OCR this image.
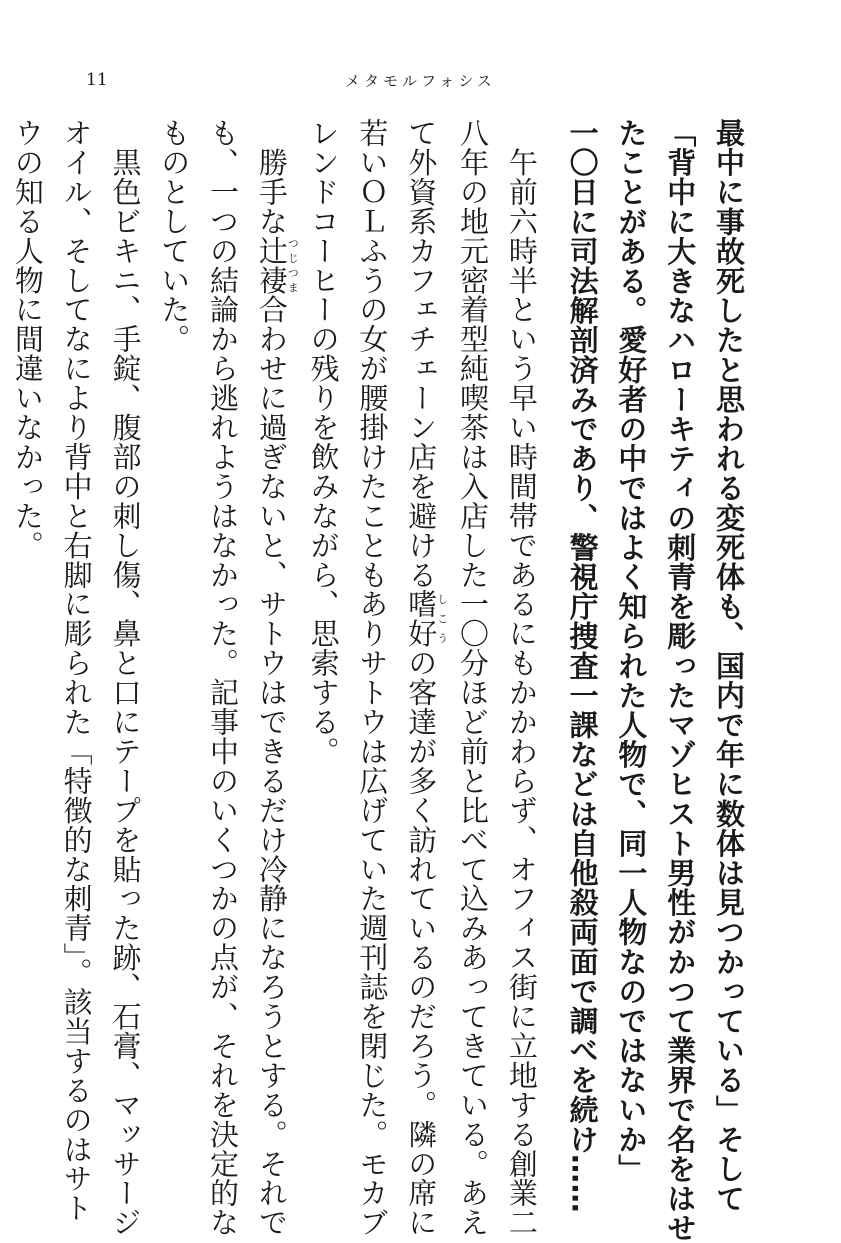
11	メタモルフォシス
最中に事故死したと思われる変死体も、国内で年に数体は見つかっている」そして
「背中に大きなハローキティの刺青を彫ったマゾヒスト男性がかつて業界で名をはせ
たことがある。愛好者の中ではよく知られた人物で、同一人物なのではないか」
一〇日に司法解剖済みであり、警視庁捜査一課などは自他殺両面で調べを続け……
　午前六時半という早い時間帯であるにもかかわらず、オフィス街に立地する創業二
八年の地元密着型純喫茶は入店した一〇分ほど前と比べて込みあってきている。あえ
て外資系カフェチェーン店を避ける嗜好しこうの客達が多く訪れているのだろう。隣の席に
若いＯＬふうの女が腰掛けたこともありサトウは広げていた週刊誌を閉じた。モカブ
レンドコーヒーの残りを飲みながら、思索する。
　勝手な辻褄つじつま合わせに過ぎないと、サトウはできるだけ冷静になろうとする。それで
も、一つの結論から逃れようはなかった。記事中のいくつかの点が、それを決定的な
ものとしていた。
　黒色ビキニ、手錠、腹部の刺し傷、鼻と口にテープを貼った跡、石膏、マッサージ
オイル、そしてなにより背中と右脚に彫られた「特徴的な刺青」。該当するのはサト
ウの知る人物に間違いなかった。
